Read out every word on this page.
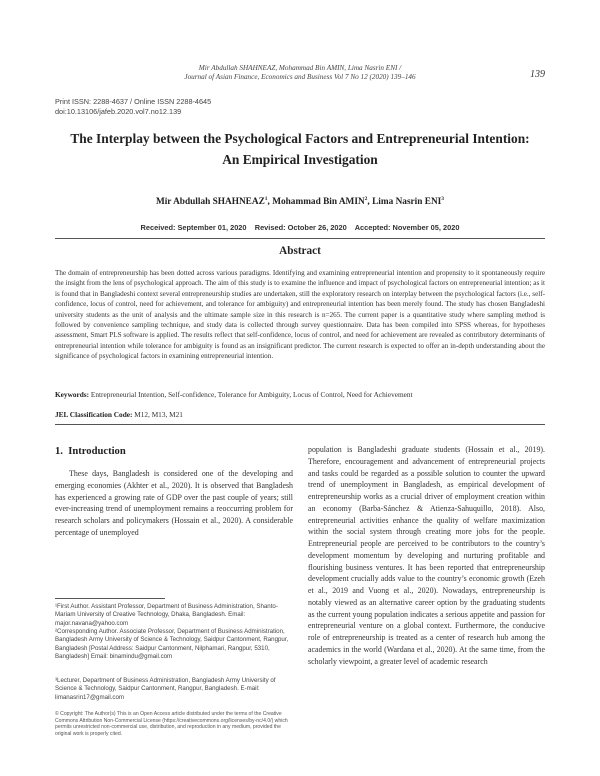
Mir Abdullah SHAHNEAZ, Mohammad Bin AMIN, Lima Nasrin ENI /
Journal of Asian Finance, Economics and Business Vol 7 No 12 (2020) 139–146	139
Print ISSN: 2288-4637 / Online ISSN 2288-4645
doi:10.13106/jafeb.2020.vol7.no12.139
The Interplay between the Psychological Factors and Entrepreneurial Intention:
An Empirical Investigation
Mir Abdullah SHAHNEAZ$^1$, Mohammad Bin AMIN$^2$, Lima Nasrin ENI$^3$
Received: September 01, 2020    Revised: October 26, 2020    Accepted: November 05, 2020
Abstract
The domain of entrepreneurship has been dotted across various paradigms. Identifying and examining entrepreneurial intention and propensity to it spontaneously require the insight from the lens of psychological approach. The aim of this study is to examine the influence and impact of psychological factors on entrepreneurial intention; as it is found that in Bangladeshi context several entrepreneurship studies are undertaken, still the exploratory research on interplay between the psychological factors (i.e., self-confidence, locus of control, need for achievement, and tolerance for ambiguity) and entrepreneurial intention has been merely found. The study has chosen Bangladeshi university students as the unit of analysis and the ultimate sample size in this research is n=265. The current paper is a quantitative study where sampling method is followed by convenience sampling technique, and study data is collected through survey questionnaire. Data has been compiled into SPSS whereas, for hypotheses assessment, Smart PLS software is applied. The results reflect that self-confidence, locus of control, and need for achievement are revealed as contributory determinants of entrepreneurial intention while tolerance for ambiguity is found as an insignificant predictor. The current research is expected to offer an in-depth understanding about the significance of psychological factors in examining entrepreneurial intention.
Keywords: Entrepreneurial Intention, Self-confidence, Tolerance for Ambiguity, Locus of Control, Need for Achievement
JEL Classification Code: M12, M13, M21
1.  Introduction

These days, Bangladesh is considered one of the developing and emerging economies (Akhter et al., 2020). It is observed that Bangladesh has experienced a growing rate of GDP over the past couple of years; still ever-increasing trend of unemployment remains a reoccurring problem for research scholars and policymakers (Hossain et al., 2020). A considerable percentage of unemployed

population is Bangladeshi graduate students (Hossain et al., 2019). Therefore, encouragement and advancement of entrepreneurial projects and tasks could be regarded as a possible solution to counter the upward trend of unemployment in Bangladesh, as empirical development of entrepreneurship works as a crucial driver of employment creation within an economy (Barba-Sánchez & Atienza-Sahuquillo, 2018). Also, entrepreneurial activities enhance the quality of welfare maximization within the social system through creating more jobs for the people. Entrepreneurial people are perceived to be contributors to the country’s development momentum by developing and nurturing profitable and flourishing business ventures. It has been reported that entrepreneurship development crucially adds value to the country’s economic growth (Ezeh et al., 2019 and Vuong et al., 2020). Nowadays, entrepreneurship is notably viewed as an alternative career option by the graduating students as the current young population indicates a serious appetite and passion for entrepreneurial venture on a global context. Furthermore, the conducive role of entrepreneurship is treated as a center of research hub among the academics in the world (Wardana et al., 2020). At the same time, from the scholarly viewpoint, a greater level of academic research

¹First Author. Assistant Professor, Department of Business Administration, Shanto-Mariam University of Creative Technology, Dhaka, Bangladesh. Email: major.navana@yahoo.com
²Corresponding Author. Associate Professor, Department of Business Administration, Bangladesh Army University of Science & Technology, Saidpur Cantonment, Rangpur, Bangladesh [Postal Address: Saidpur Cantonment, Nilphamari, Rangpur, 5310, Bangladesh] Email: binamindu@gmail.com
³Lecturer, Department of Business Administration, Bangladesh Army University of Science & Technology, Saidpur Cantonment, Rangpur, Bangladesh. E-mail: limanasrin17@gmail.com
© Copyright: The Author(s) This is an Open Access article distributed under the terms of the Creative Commons Attribution Non-Commercial License (https://creativecommons.org/licenses/by-nc/4.0/) which permits unrestricted non-commercial use, distribution, and reproduction in any medium, provided the original work is properly cited.
